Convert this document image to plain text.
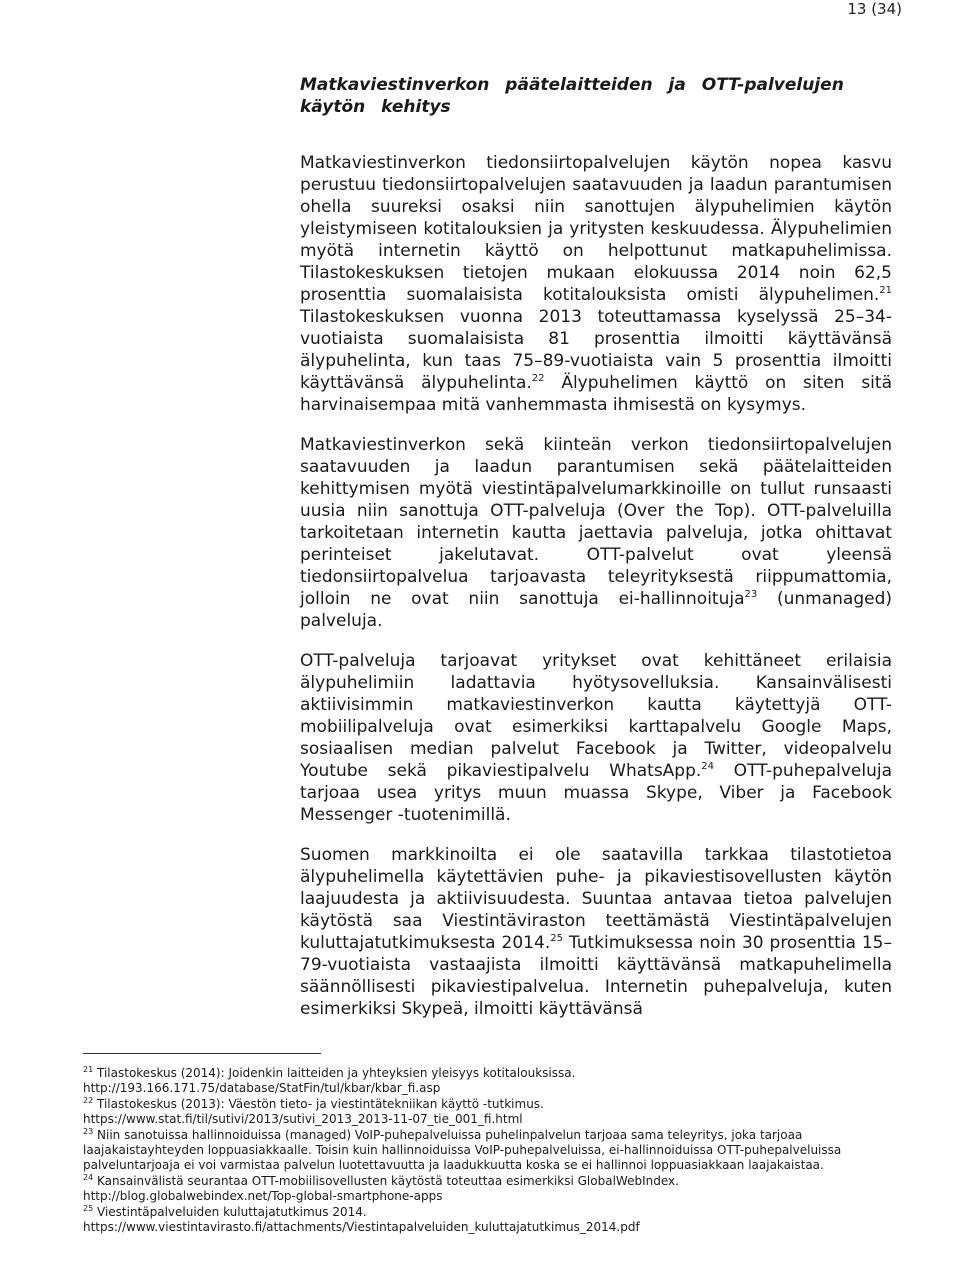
13 (34)
Matkaviestinverkon päätelaitteiden ja OTT-palvelujen käytön kehitys

Matkaviestinverkon tiedonsiirtopalvelujen käytön nopea kasvu perustuu tiedonsiirtopalvelujen saatavuuden ja laadun parantumisen ohella suureksi osaksi niin sanottujen älypuhelimien käytön yleistymiseen kotitalouksien ja yritysten keskuudessa. Älypuhelimien myötä internetin käyttö on helpottunut matkapuhelimissa. Tilastokeskuksen tietojen mukaan elokuussa 2014 noin 62,5 prosenttia suomalaisista kotitalouksista omisti älypuhelimen.$^{21}$ Tilastokeskuksen vuonna 2013 toteuttamassa kyselyssä 25–34-vuotiaista suomalaisista 81 prosenttia ilmoitti käyttävänsä älypuhelinta, kun taas 75–89-vuotiaista vain 5 prosenttia ilmoitti käyttävänsä älypuhelinta.$^{22}$ Älypuhelimen käyttö on siten sitä harvinaisempaa mitä vanhemmasta ihmisestä on kysymys.

Matkaviestinverkon sekä kiinteän verkon tiedonsiirtopalvelujen saatavuuden ja laadun parantumisen sekä päätelaitteiden kehittymisen myötä viestintäpalvelumarkkinoille on tullut runsaasti uusia niin sanottuja OTT-palveluja (Over the Top). OTT-palveluilla tarkoitetaan internetin kautta jaettavia palveluja, jotka ohittavat perinteiset jakelutavat. OTT-palvelut ovat yleensä tiedonsiirtopalvelua tarjoavasta teleyrityksestä riippumattomia, jolloin ne ovat niin sanottuja ei-hallinnoituja$^{23}$ (unmanaged) palveluja.

OTT-palveluja tarjoavat yritykset ovat kehittäneet erilaisia älypuhelimiin ladattavia hyötysovelluksia. Kansainvälisesti aktiivisimmin matkaviestinverkon kautta käytettyjä OTT-mobiilipalveluja ovat esimerkiksi karttapalvelu Google Maps, sosiaalisen median palvelut Facebook ja Twitter, videopalvelu Youtube sekä pikaviestipalvelu WhatsApp.$^{24}$ OTT-puhepalveluja tarjoaa usea yritys muun muassa Skype, Viber ja Facebook Messenger -tuotenimillä.

Suomen markkinoilta ei ole saatavilla tarkkaa tilastotietoa älypuhelimella käytettävien puhe- ja pikaviestisovellusten käytön laajuudesta ja aktiivisuudesta. Suuntaa antavaa tietoa palvelujen käytöstä saa Viestintäviraston teettämästä Viestintäpalvelujen kuluttajatutkimuksesta 2014.25 Tutkimuksessa noin 30 prosenttia 15–79-vuotiaista vastaajista ilmoitti käyttävänsä matkapuhelimella säännöllisesti pikaviestipalvelua. Internetin puhepalveluja, kuten esimerkiksi Skypeä, ilmoitti käyttävänsä

$^{21}$ Tilastokeskus (2014): Joidenkin laitteiden ja yhteyksien yleisyys kotitalouksissa.
http://193.166.171.75/database/StatFin/tul/kbar/kbar_fi.asp
$^{22}$ Tilastokeskus (2013): Väestön tieto- ja viestintätekniikan käyttö -tutkimus.
https://www.stat.fi/til/sutivi/2013/sutivi_2013_2013-11-07_tie_001_fi.html
$^{23}$ Niin sanotuissa hallinnoiduissa (managed) VoIP-puhepalveluissa puhelinpalvelun tarjoaa sama teleyritys, joka tarjoaa laajakaistayhteyden loppuasiakkaalle. Toisin kuin hallinnoiduissa VoIP-puhepalveluissa, ei-hallinnoiduissa OTT-puhepalveluissa palveluntarjoaja ei voi varmistaa palvelun luotettavuutta ja laadukkuutta koska se ei hallinnoi loppuasiakkaan laajakaistaa.
$^{24}$ Kansainvälistä seurantaa OTT-mobiilisovellusten käytöstä toteuttaa esimerkiksi GlobalWebIndex.
http://blog.globalwebindex.net/Top-global-smartphone-apps
$^{25}$ Viestintäpalveluiden kuluttajatutkimus 2014.
https://www.viestintavirasto.fi/attachments/Viestintapalveluiden_kuluttajatutkimus_2014.pdf
